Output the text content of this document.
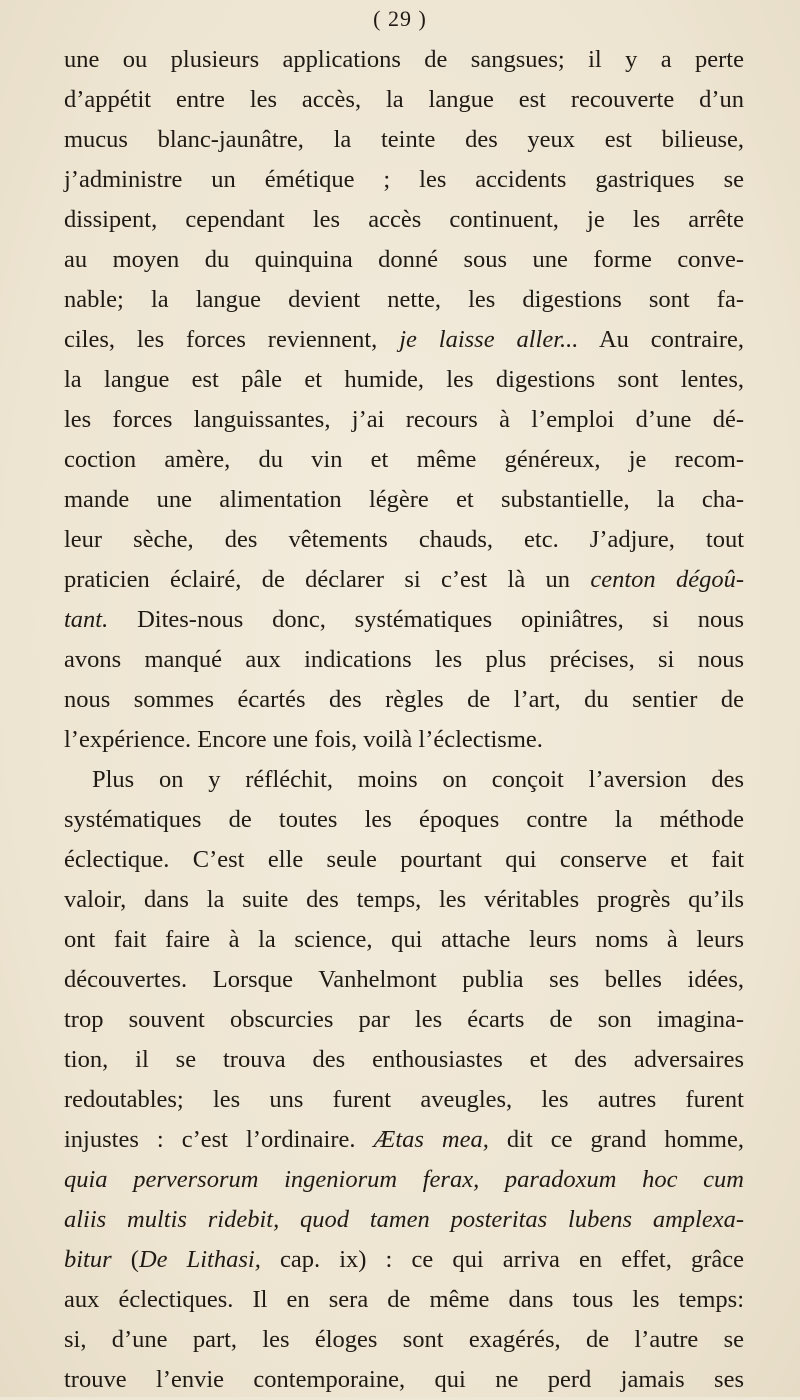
( 29 )
une ou plusieurs applications de sangsues; il y a perte
d’appétit entre les accès, la langue est recouverte d’un
mucus blanc-jaunâtre, la teinte des yeux est bilieuse,
j’administre un émétique ; les accidents gastriques se
dissipent, cependant les accès continuent, je les arrête
au moyen du quinquina donné sous une forme conve-
nable; la langue devient nette, les digestions sont fa-
ciles, les forces reviennent, je laisse aller... Au contraire,
la langue est pâle et humide, les digestions sont lentes,
les forces languissantes, j’ai recours à l’emploi d’une dé-
coction amère, du vin et même généreux, je recom-
mande une alimentation légère et substantielle, la cha-
leur sèche, des vêtements chauds, etc. J’adjure, tout
praticien éclairé, de déclarer si c’est là un centon dégoû-
tant. Dites-nous donc, systématiques opiniâtres, si nous
avons manqué aux indications les plus précises, si nous
nous sommes écartés des règles de l’art, du sentier de
l’expérience. Encore une fois, voilà l’éclectisme.
Plus on y réfléchit, moins on conçoit l’aversion des
systématiques de toutes les époques contre la méthode
éclectique. C’est elle seule pourtant qui conserve et fait
valoir, dans la suite des temps, les véritables progrès qu’ils
ont fait faire à la science, qui attache leurs noms à leurs
découvertes. Lorsque Vanhelmont publia ses belles idées,
trop souvent obscurcies par les écarts de son imagina-
tion, il se trouva des enthousiastes et des adversaires
redoutables; les uns furent aveugles, les autres furent
injustes : c’est l’ordinaire. Ætas mea, dit ce grand homme,
quia perversorum ingeniorum ferax, paradoxum hoc cum
aliis multis ridebit, quod tamen posteritas lubens amplexa-
bitur (De Lithasi, cap. ix) : ce qui arriva en effet, grâce
aux éclectiques. Il en sera de même dans tous les temps:
si, d’une part, les éloges sont exagérés, de l’autre se
trouve l’envie contemporaine, qui ne perd jamais ses
